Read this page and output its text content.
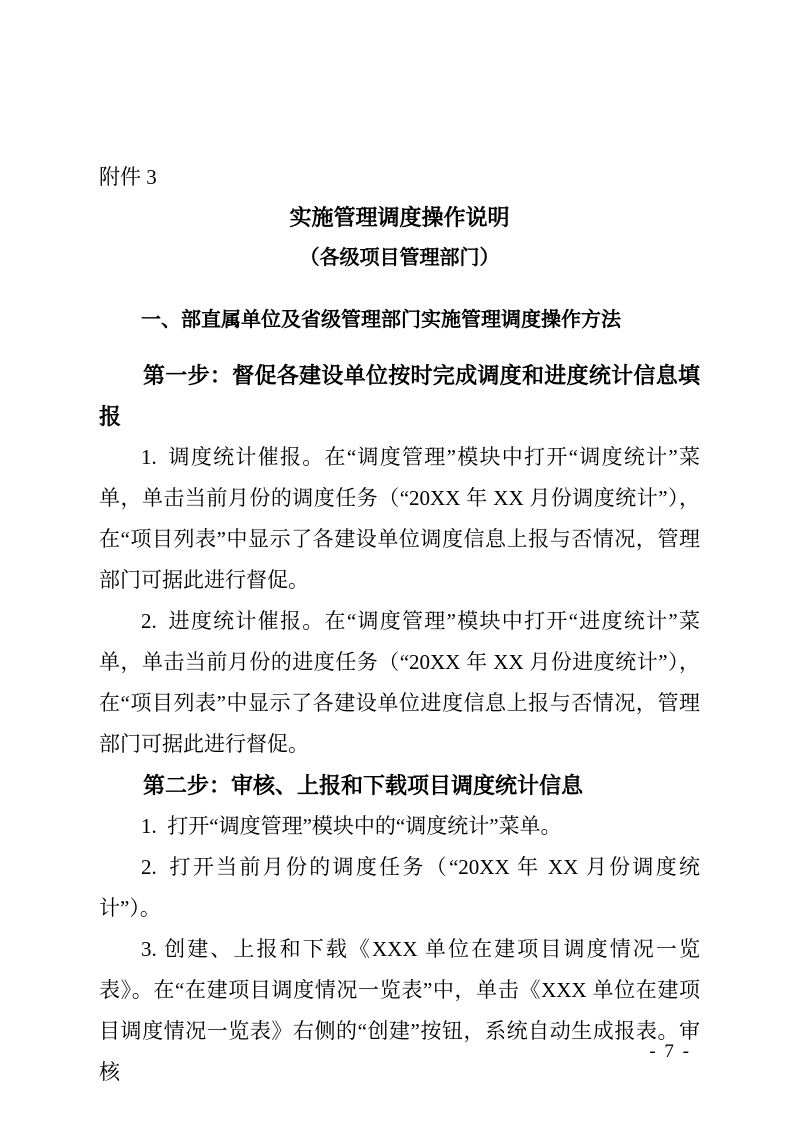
附件 3
实施管理调度操作说明
（各级项目管理部门）
一、部直属单位及省级管理部门实施管理调度操作方法
第一步：督促各建设单位按时完成调度和进度统计信息填报

1. 调度统计催报。在“调度管理”模块中打开“调度统计”菜单，单击当前月份的调度任务（“20XX 年 XX 月份调度统计”），在“项目列表”中显示了各建设单位调度信息上报与否情况，管理部门可据此进行督促。

2. 进度统计催报。在“调度管理”模块中打开“进度统计”菜单，单击当前月份的进度任务（“20XX 年 XX 月份进度统计”），在“项目列表”中显示了各建设单位进度信息上报与否情况，管理部门可据此进行督促。

第二步：审核、上报和下载项目调度统计信息

1. 打开“调度管理”模块中的“调度统计”菜单。

2. 打开当前月份的调度任务（“20XX 年 XX 月份调度统计”）。

3. 创建、上报和下载《XXX 单位在建项目调度情况一览表》。在“在建项目调度情况一览表”中，单击《XXX 单位在建项目调度情况一览表》右侧的“创建”按钮，系统自动生成报表。审核

- 7 -
